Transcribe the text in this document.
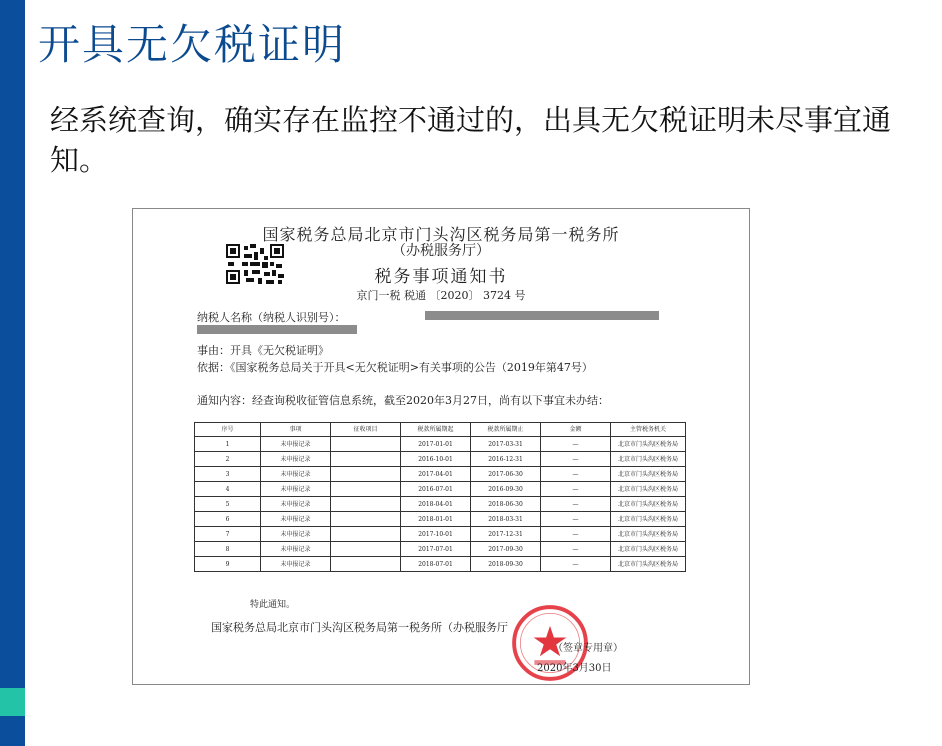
开具无欠税证明
经系统查询，确实存在监控不通过的，出具无欠税证明未尽事宜通知。
国家税务总局北京市门头沟区税务局第一税务所
（办税服务厅）
税务事项通知书
京门一税 税通 〔2020〕 3724 号
纳税人名称（纳税人识别号）：
事由：开具《无欠税证明》
依据：《国家税务总局关于开具<无欠税证明>有关事项的公告（2019年第47号）
通知内容：经查询税收征管信息系统，截至2020年3月27日，尚有以下事宜未办结：
序号	事项	征收项目	税款所属期起	税款所属期止	金额	主管税务机关
1	未申报记录		2017-01-01	2017-03-31	—	北京市门头沟区税务局
2	未申报记录		2016-10-01	2016-12-31	—	北京市门头沟区税务局
3	未申报记录		2017-04-01	2017-06-30	—	北京市门头沟区税务局
4	未申报记录		2016-07-01	2016-09-30	—	北京市门头沟区税务局
5	未申报记录		2018-04-01	2018-06-30	—	北京市门头沟区税务局
6	未申报记录		2018-01-01	2018-03-31	—	北京市门头沟区税务局
7	未申报记录		2017-10-01	2017-12-31	—	北京市门头沟区税务局
8	未申报记录		2017-07-01	2017-09-30	—	北京市门头沟区税务局
9	未申报记录		2018-07-01	2018-09-30	—	北京市门头沟区税务局
特此通知。
国家税务总局北京市门头沟区税务局第一税务所（办税服务厅
（签章专用章）
2020年3月30日
